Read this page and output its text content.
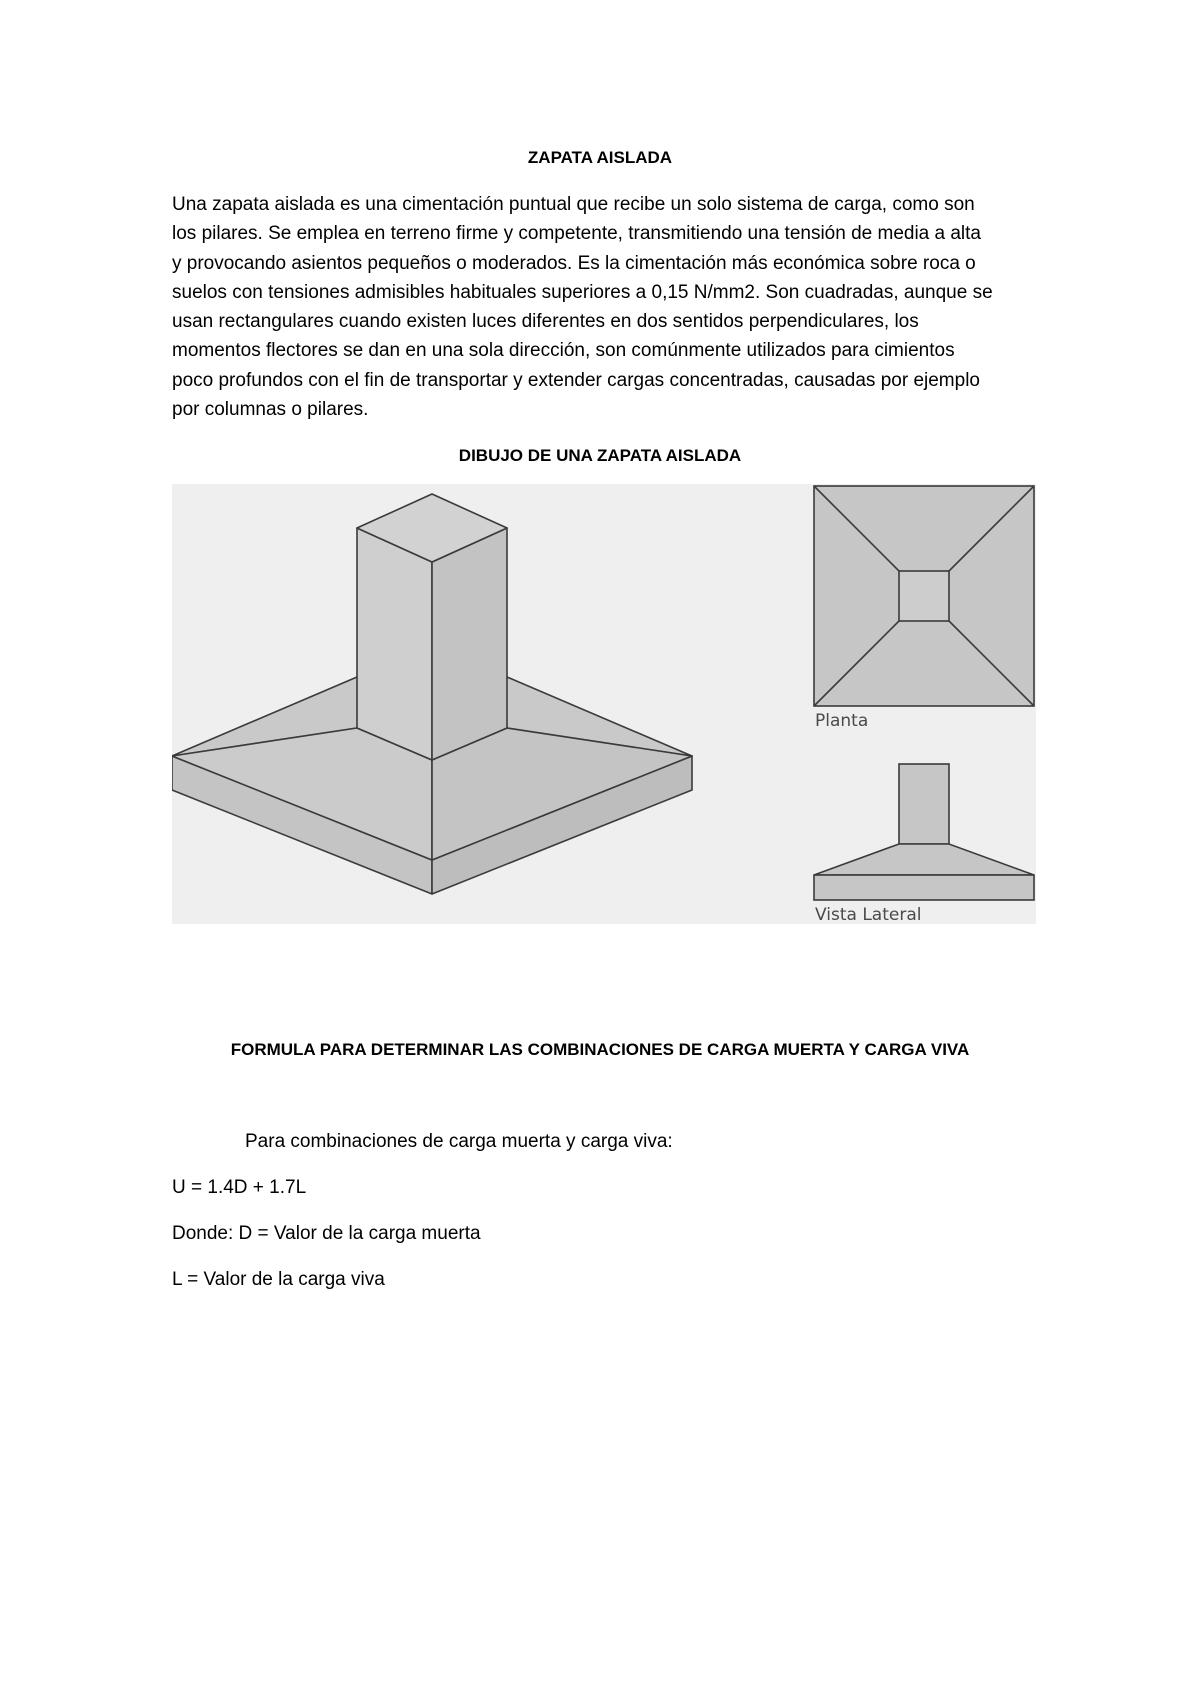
ZAPATA AISLADA
Una zapata aislada es una cimentación puntual que recibe un solo sistema de carga, como son
los pilares. Se emplea en terreno firme y competente, transmitiendo una tensión de media a alta
y provocando asientos pequeños o moderados. Es la cimentación más económica sobre roca o
suelos con tensiones admisibles habituales superiores a 0,15 N/mm2. Son cuadradas, aunque se
usan rectangulares cuando existen luces diferentes en dos sentidos perpendiculares, los
momentos flectores se dan en una sola dirección, son comúnmente utilizados para cimientos
poco profundos con el fin de transportar y extender cargas concentradas, causadas por ejemplo
por columnas o pilares.
DIBUJO DE UNA ZAPATA AISLADA
Planta
Vista Lateral
FORMULA PARA DETERMINAR LAS COMBINACIONES DE CARGA MUERTA Y CARGA VIVA
Para combinaciones de carga muerta y carga viva:
U = 1.4D + 1.7L
Donde: D = Valor de la carga muerta
L = Valor de la carga viva
